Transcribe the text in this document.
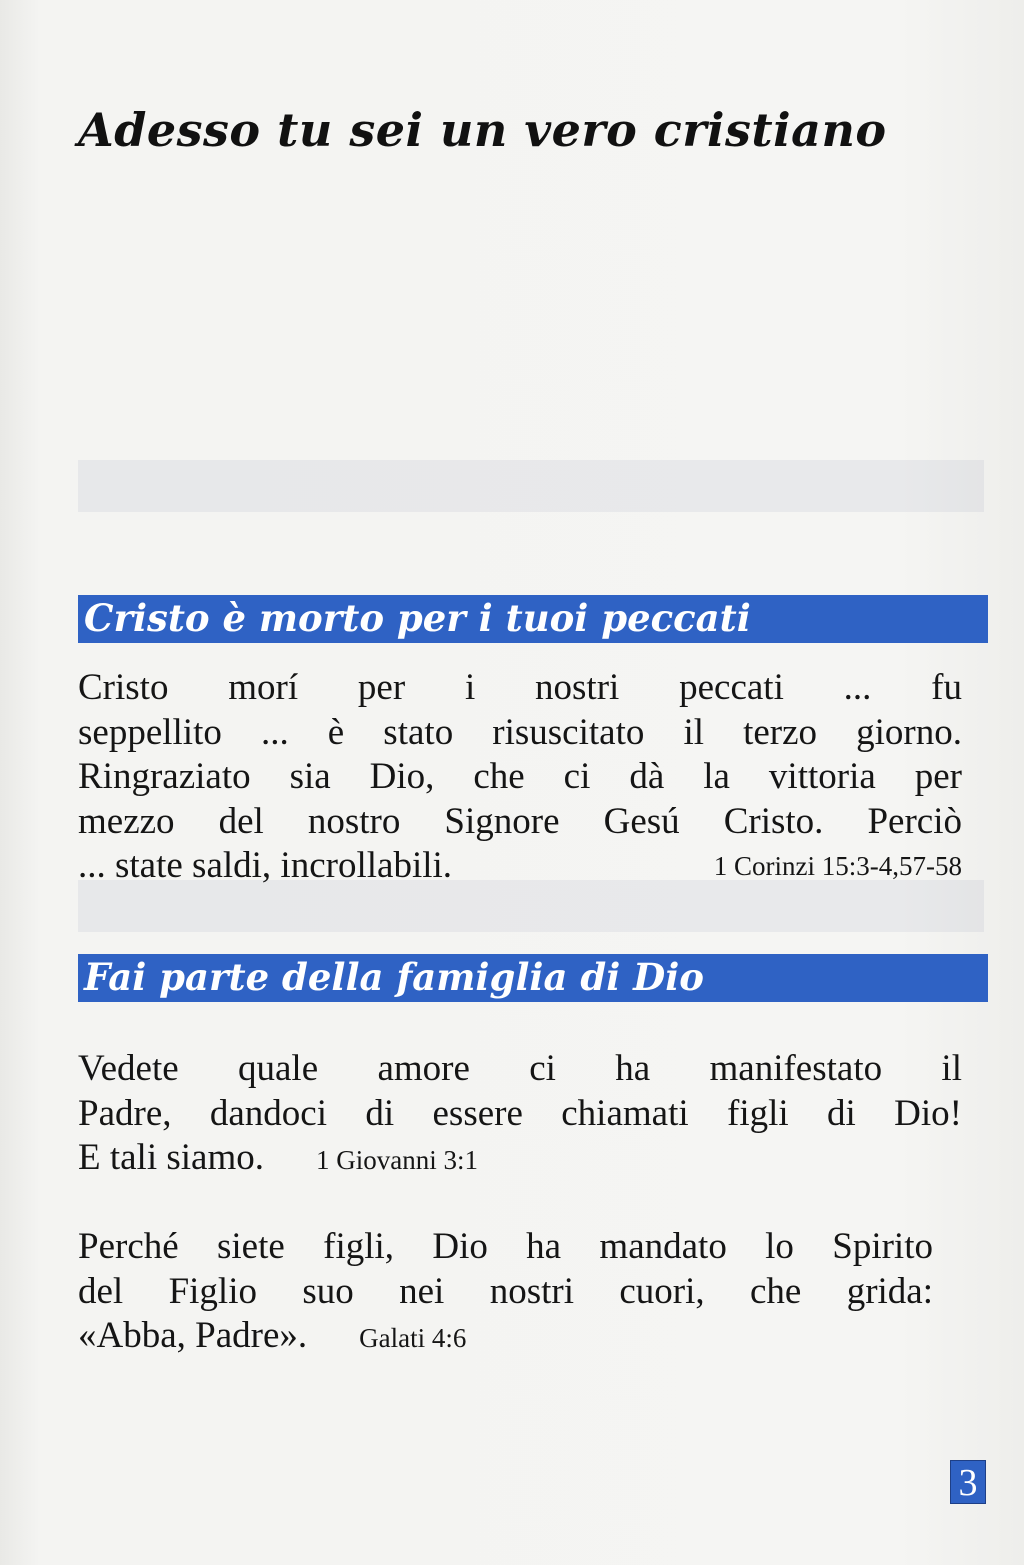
Adesso tu sei un vero cristiano
Cristo è morto per i tuoi peccati

Cristo morí per i nostri peccati ... fu
seppellito ... è stato risuscitato il terzo giorno.
Ringraziato sia Dio, che ci dà la vittoria per
mezzo del nostro Signore Gesú Cristo. Perciò
... state saldi, incrollabili.	1 Corinzi 15:3-4,57-58

Fai parte della famiglia di Dio

Vedete quale amore ci ha manifestato il
Padre, dandoci di essere chiamati figli di Dio!
E tali siamo. 1 Giovanni 3:1

Perché siete figli, Dio ha mandato lo Spirito
del Figlio suo nei nostri cuori, che grida:
«Abba, Padre». Galati 4:6

3
